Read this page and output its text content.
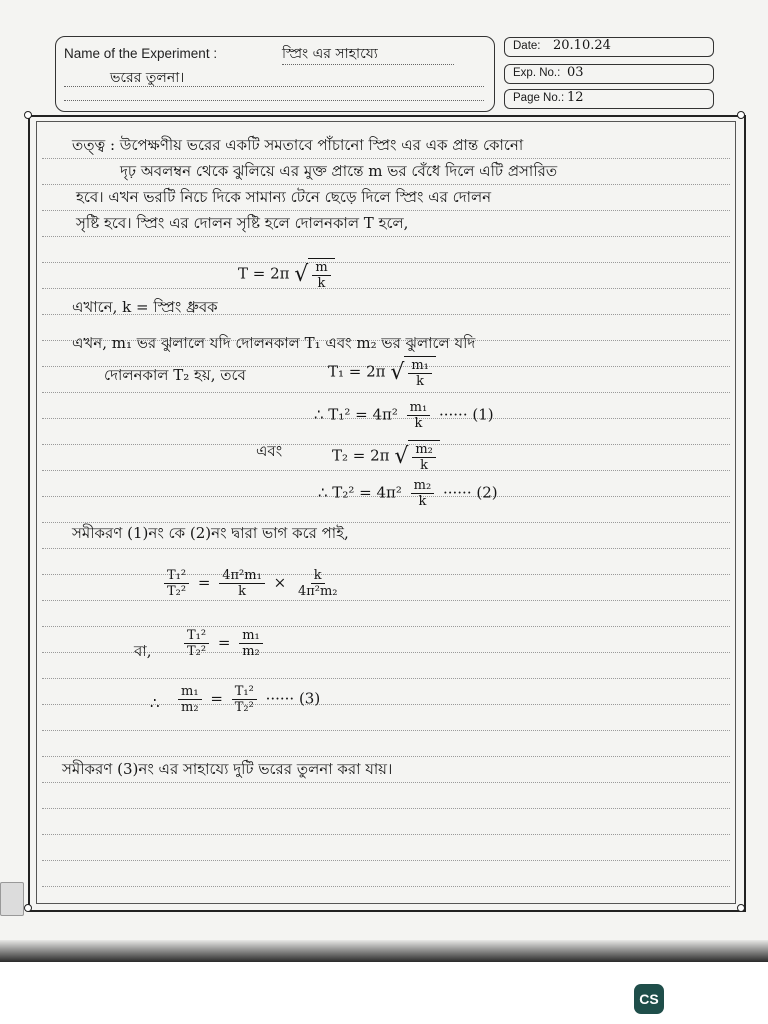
Name of the Experiment :	স্প্রিং এর সাহায্যে
ভরের তুলনা।
Date: 20.10.24
Exp. No.: 03
Page No.: 12
তত্ত্ব : উপেক্ষণীয় ভরের একটি সমতাবে পাঁচানো স্প্রিং এর এক প্রান্ত কোনো
দৃঢ় অবলম্বন থেকে ঝুলিয়ে এর মুক্ত প্রান্তে m ভর বেঁধে দিলে এটি প্রসারিত
হবে। এখন ভরটি নিচে দিকে সামান্য টেনে ছেড়ে দিলে স্প্রিং এর দোলন
সৃষ্টি হবে। স্প্রিং এর দোলন সৃষ্টি হলে দোলনকাল T হলে,
T = 2π √ $\frac{m}{k}$
এখানে, k = স্প্রিং ধ্রুবক
এখন, m₁ ভর ঝুলালে যদি দোলনকাল T₁ এবং m₂ ভর ঝুলালে যদি
দোলনকাল T₂ হয়, তবে	T₁ = 2π √ $\frac{\text{m₁}}{k}$
∴ $T_1^2 = 4\pi^2 \frac{\text{m₁}}{k}$ ······ (1)
এবং	T₂ = 2π √ $\frac{\text{m₂}}{k}$
∴ $T_2^2 = 4\pi^2 \frac{\text{m₂}}{k}$ ······ (2)
সমীকরণ (1)নং কে (2)নং দ্বারা ভাগ করে পাই,
$\frac{\text{T₁²}}{\text{T₂²}} = \frac{\text{4π²m₁}}{k} \times \frac{k}{\text{4π²m₂}}$
বা,	$\frac{\text{T₁²}}{\text{T₂²}} = \frac{\text{m₁}}{\text{m₂}}$
∴ $\frac{\text{m₁}}{\text{m₂}} = \frac{\text{T₁²}}{\text{T₂²}}$ ······ (3)
সমীকরণ (3)নং এর সাহায্যে দুটি ভরের তুলনা করা যায়।
CS
